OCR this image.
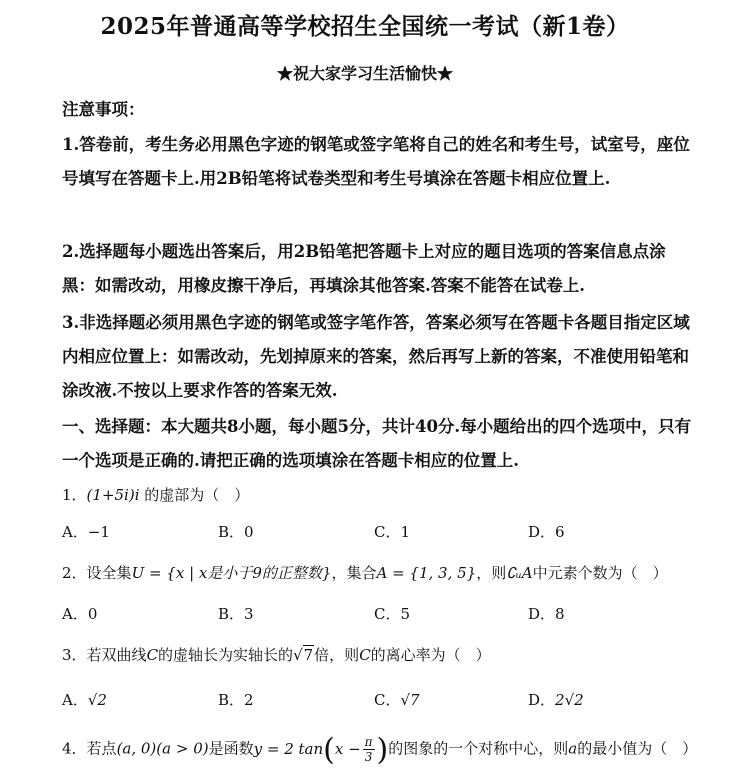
2025年普通高等学校招生全国统一考试（新1卷）
★祝大家学习生活愉快★
注意事项：
1.答卷前，考生务必用黑色字迹的钢笔或签字笔将自己的姓名和考生号，试室号，座位号填写在答题卡上.用2B铅笔将试卷类型和考生号填涂在答题卡相应位置上.
2.选择题每小题选出答案后，用2B铅笔把答题卡上对应的题目选项的答案信息点涂黑：如需改动，用橡皮擦干净后，再填涂其他答案.答案不能答在试卷上.
3.非选择题必须用黑色字迹的钢笔或签字笔作答，答案必须写在答题卡各题目指定区域内相应位置上：如需改动，先划掉原来的答案，然后再写上新的答案，不准使用铅笔和涂改液.不按以上要求作答的答案无效.
一、选择题：本大题共8小题，每小题5分，共计40分.每小题给出的四个选项中，只有一个选项是正确的.请把正确的选项填涂在答题卡相应的位置上.
1．(1+5i)i 的虚部为（　）
A．−1	B．0	C．1	D．6
2．设全集U = {x | x是小于9的正整数}，集合A = {1, 3, 5}，则∁ᵤA中元素个数为（　）
A．0	B．3	C．5	D．8
3．若双曲线C的虚轴长为实轴长的√7倍，则C的离心率为（　）
A．√2	B．2	C．√7	D．2√2
4．若点(a, 0)(a > 0)是函数y = 2 $\tan(x - \frac{\pi}{3}$ )的图象的一个对称中心，则a的最小值为（　）
